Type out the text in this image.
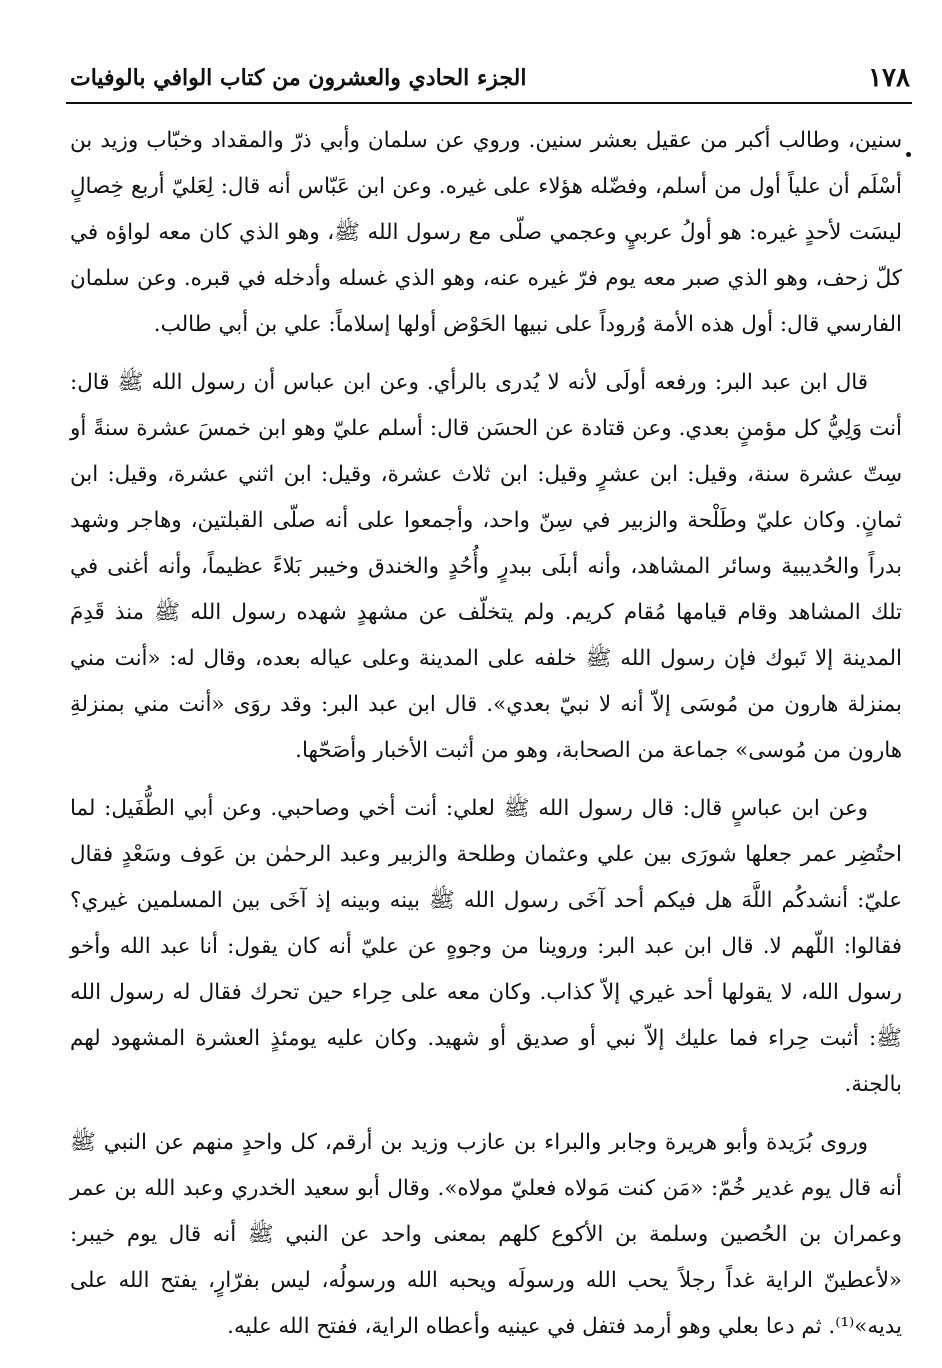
١٧٨
الجزء الحادي والعشرون من كتاب الوافي بالوفيات

سنين، وطالب أكبر من عقيل بعشر سنين. وروي عن سلمان وأبي ذرّ والمقداد وخبّاب وزيد بن أسْلَم أن علياً أول من أسلم، وفضّله هؤلاء على غيره. وعن ابن عَبّاس أنه قال: لِعَليّ أربع خِصالٍ ليسَت لأحدٍ غيره: هو أولُ عربيٍ وعجمي صلّى مع رسول الله ﷺ، وهو الذي كان معه لواؤه في كلّ زحف، وهو الذي صبر معه يوم فرّ غيره عنه، وهو الذي غسله وأدخله في قبره. وعن سلمان الفارسي قال: أول هذه الأمة وُروداً على نبيها الحَوْض أولها إسلاماً: علي بن أبي طالب.

قال ابن عبد البر: ورفعه أولَى لأنه لا يُدرى بالرأي. وعن ابن عباس أن رسول الله ﷺ قال: أنت وَلِيُّ كل مؤمنٍ بعدي. وعن قتادة عن الحسَن قال: أسلم عليّ وهو ابن خمسَ عشرة سنةً أو سِتّ عشرة سنة، وقيل: ابن عشرٍ وقيل: ابن ثلاث عشرة، وقيل: ابن اثني عشرة، وقيل: ابن ثمانٍ. وكان عليّ وطَلْحة والزبير في سِنّ واحد، وأجمعوا على أنه صلّى القبلتين، وهاجر وشهد بدراً والحُديبية وسائر المشاهد، وأنه أبلَى ببدرٍ وأُحُدٍ والخندق وخيبر بَلاءً عظيماً، وأنه أغنى في تلك المشاهد وقام قيامها مُقام كريم. ولم يتخلّف عن مشهدٍ شهده رسول الله ﷺ منذ قَدِمَ المدينة إلا تَبوك فإن رسول الله ﷺ خلفه على المدينة وعلى عياله بعده، وقال له: «أنت مني بمنزلة هارون من مُوسَى إلاّ أنه لا نبيّ بعدي». قال ابن عبد البر: وقد روَى «أنت مني بمنزلةِ هارون من مُوسى» جماعة من الصحابة، وهو من أثبت الأخبار وأصَحّها.

وعن ابن عباسٍ قال: قال رسول الله ﷺ لعلي: أنت أخي وصاحبي. وعن أبي الطُّفَيل: لما احتُضِر عمر جعلها شورَى بين علي وعثمان وطلحة والزبير وعبد الرحمٰن بن عَوف وسَعْدٍ فقال عليّ: أنشدكُم اللَّهَ هل فيكم أحد آخَى رسول الله ﷺ بينه وبينه إذ آخَى بين المسلمين غيري؟ فقالوا: اللّهم لا. قال ابن عبد البر: وروينا من وجوهٍ عن عليّ أنه كان يقول: أنا عبد الله وأخو رسول الله، لا يقولها أحد غيري إلاّ كذاب. وكان معه على حِراء حين تحرك فقال له رسول الله ﷺ: أثبت حِراء فما عليك إلاّ نبي أو صديق أو شهيد. وكان عليه يومئذٍ العشرة المشهود لهم بالجنة.

وروى بُرَيدة وأبو هريرة وجابر والبراء بن عازب وزيد بن أرقم، كل واحدٍ منهم عن النبي ﷺ أنه قال يوم غدير خُمّ: «مَن كنت مَولاه فعليّ مولاه». وقال أبو سعيد الخدري وعبد الله بن عمر وعمران بن الحُصين وسلمة بن الأكوع كلهم بمعنى واحد عن النبي ﷺ أنه قال يوم خيبر: «لأعطينّ الراية غداً رجلاً يحب الله ورسولَه ويحبه الله ورسولُه، ليس بفرّارٍ، يفتح الله على يديه»⁽¹⁾. ثم دعا بعلي وهو أرمد فتفل في عينيه وأعطاه الراية، ففتح الله عليه.
